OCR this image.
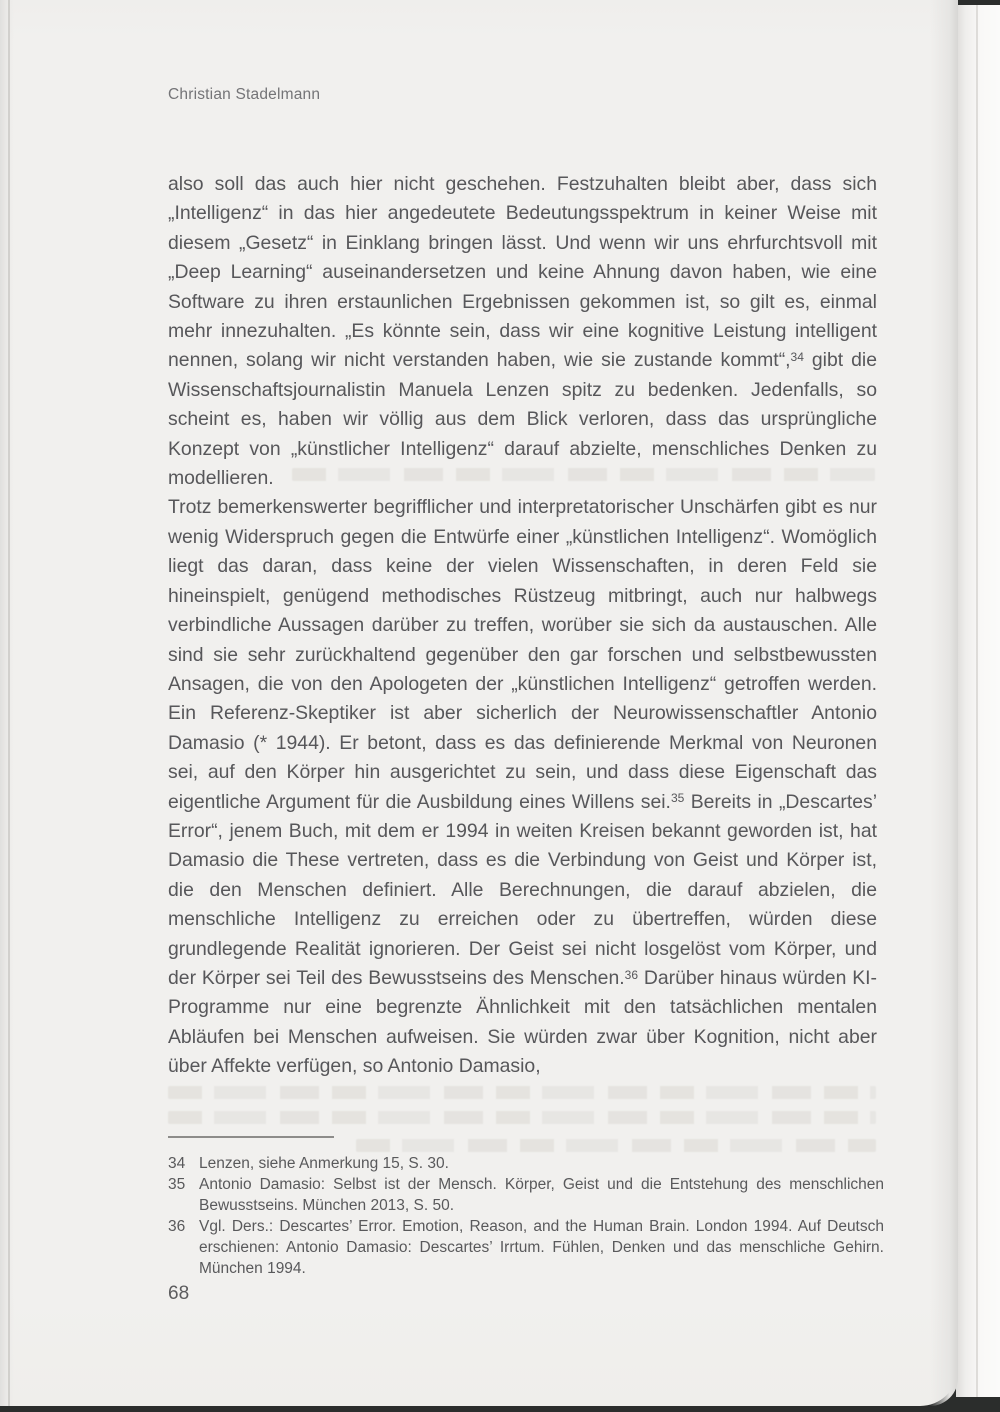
Christian Stadelmann

also soll das auch hier nicht geschehen. Festzuhalten bleibt aber, dass sich „Intelligenz“ in das hier angedeutete Bedeutungsspektrum in keiner Weise mit diesem „Gesetz“ in Einklang bringen lässt. Und wenn wir uns ehrfurchtsvoll mit „Deep Learning“ auseinandersetzen und keine Ahnung davon haben, wie eine Software zu ihren erstaunlichen Ergebnissen gekommen ist, so gilt es, einmal mehr innezuhalten. „Es könnte sein, dass wir eine kognitive Leistung intelligent nennen, solang wir nicht verstanden haben, wie sie zustande kommt“,$^{34}$ gibt die Wissenschaftsjournalistin Manuela Lenzen spitz zu bedenken. Jedenfalls, so scheint es, haben wir völlig aus dem Blick verloren, dass das ursprüngliche Konzept von „künstlicher Intelligenz“ darauf abzielte, menschliches Denken zu modellieren.

Trotz bemerkenswerter begrifflicher und interpretatorischer Unschärfen gibt es nur wenig Widerspruch gegen die Entwürfe einer „künstlichen Intelligenz“. Womöglich liegt das daran, dass keine der vielen Wissenschaften, in deren Feld sie hineinspielt, genügend methodisches Rüstzeug mitbringt, auch nur halbwegs verbindliche Aussagen darüber zu treffen, worüber sie sich da austauschen. Alle sind sie sehr zurückhaltend gegenüber den gar forschen und selbstbewussten Ansagen, die von den Apologeten der „künstlichen Intelligenz“ getroffen werden. Ein Referenz-Skeptiker ist aber sicherlich der Neurowissenschaftler Antonio Damasio (* 1944). Er betont, dass es das definierende Merkmal von Neuronen sei, auf den Körper hin ausgerichtet zu sein, und dass diese Eigenschaft das eigentliche Argument für die Ausbildung eines Willens sei.$^{35}$ Bereits in „Descartes’ Error“, jenem Buch, mit dem er 1994 in weiten Kreisen bekannt geworden ist, hat Damasio die These vertreten, dass es die Verbindung von Geist und Körper ist, die den Menschen definiert. Alle Berechnungen, die darauf abzielen, die menschliche Intelligenz zu erreichen oder zu übertreffen, würden diese grundlegende Realität ignorieren. Der Geist sei nicht losgelöst vom Körper, und der Körper sei Teil des Bewusstseins des Menschen.$^{36}$ Darüber hinaus würden KI-Programme nur eine begrenzte Ähnlichkeit mit den tatsächlichen mentalen Abläufen bei Menschen aufweisen. Sie würden zwar über Kognition, nicht aber über Affekte verfügen, so Antonio Damasio,

34 Lenzen, siehe Anmerkung 15, S. 30.
35 Antonio Damasio: Selbst ist der Mensch. Körper, Geist und die Entstehung des menschlichen Bewusstseins. München 2013, S. 50.
36 Vgl. Ders.: Descartes’ Error. Emotion, Reason, and the Human Brain. London 1994. Auf Deutsch erschienen: Antonio Damasio: Descartes’ Irrtum. Fühlen, Denken und das menschliche Gehirn. München 1994.
68
